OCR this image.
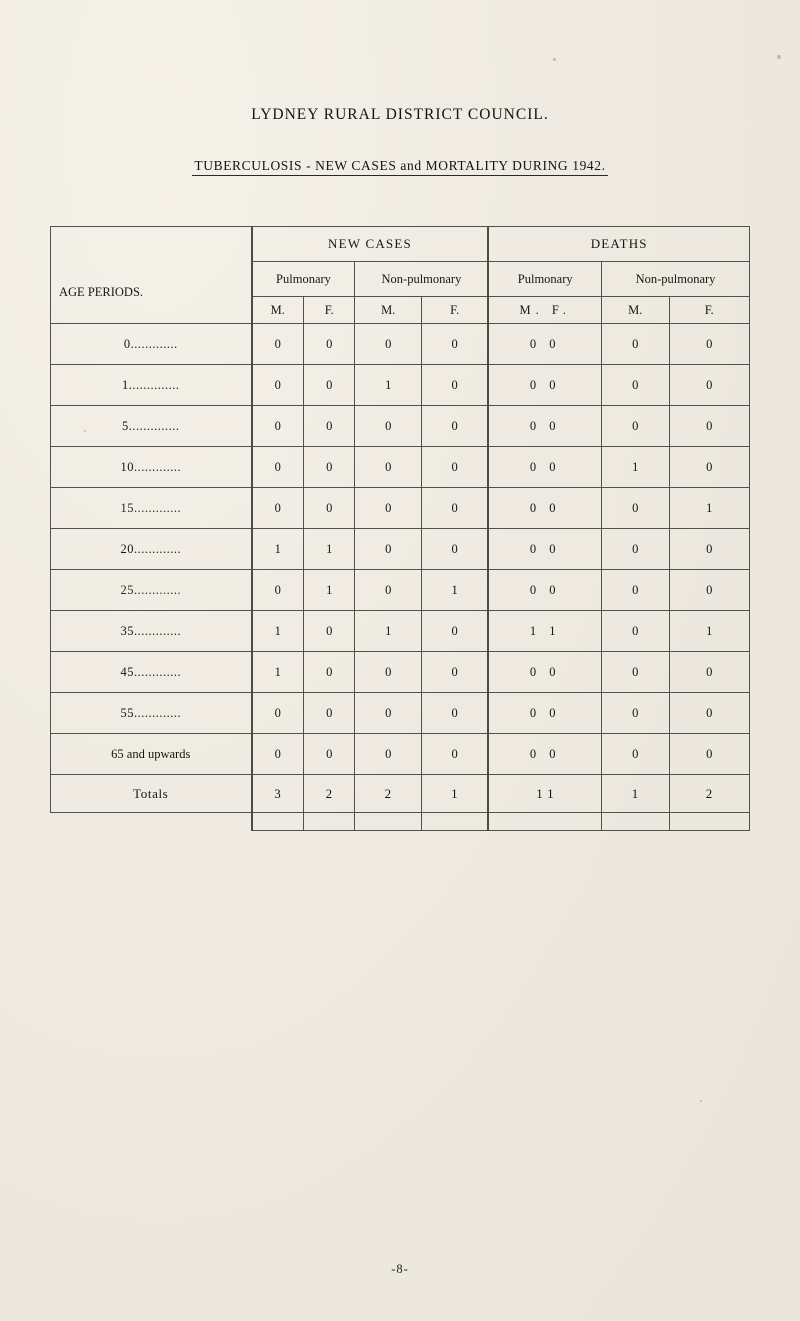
LYDNEY RURAL DISTRICT COUNCIL.
TUBERCULOSIS - NEW CASES and MORTALITY DURING 1942.
AGE PERIODS.	NEW CASES				DEATHS		
	Pulmonary		Non-pulmonary		Pulmonary	Non-pulmonary	
	M.	F.	M.	F.	M. F.	M.	F.
0.............	0	0	0	0	0 0	0	0
1..............	0	0	1	0	0 0	0	0
5..............	0	0	0	0	0 0	0	0
10.............	0	0	0	0	0 0	1	0
15.............	0	0	0	0	0 0	0	1
20.............	1	1	0	0	0 0	0	0
25.............	0	1	0	1	0 0	0	0
35.............	1	0	1	0	1 1	0	1
45.............	1	0	0	0	0 0	0	0
55.............	0	0	0	0	0 0	0	0
65 and upwards	0	0	0	0	0 0	0	0
Totals	3	2	2	1	1 1	1	2

-8-
